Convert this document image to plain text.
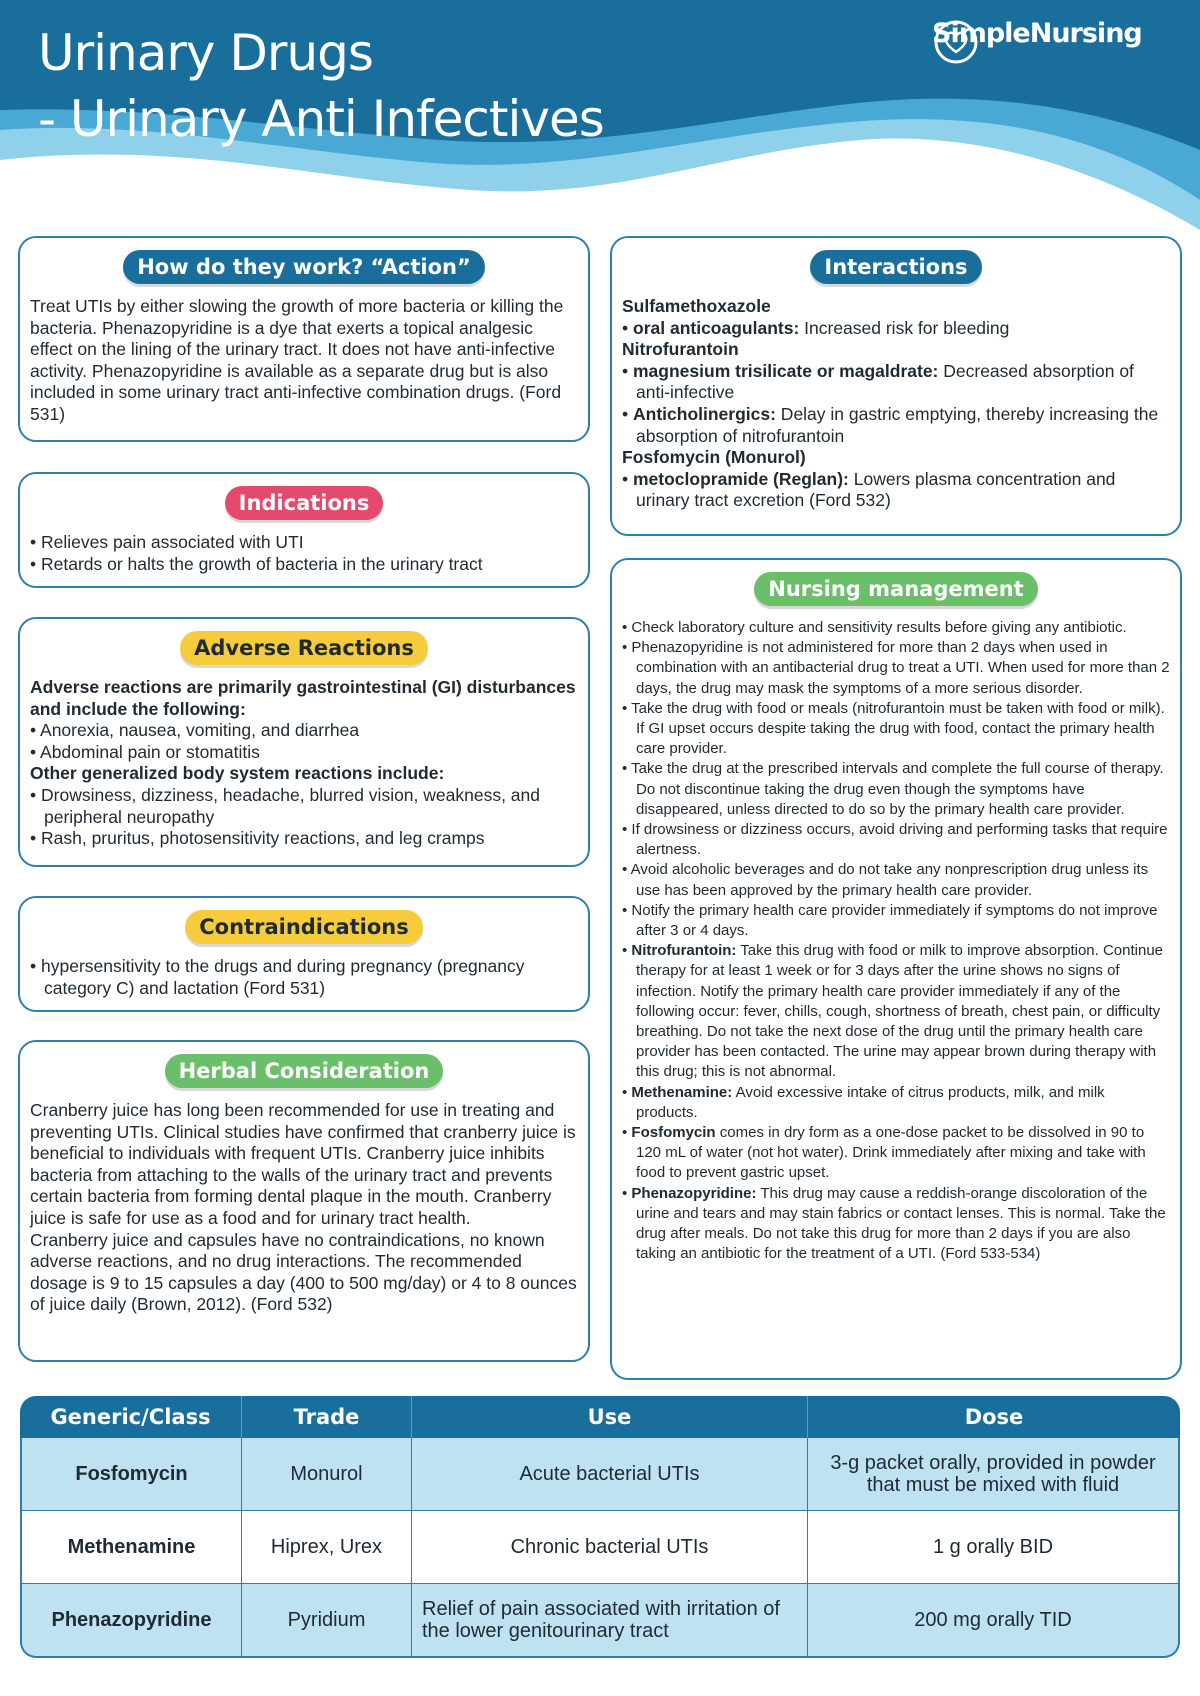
Urinary Drugs
- Urinary Anti Infectives
SimpleNursing
How do they work? “Action”

Treat UTIs by either slowing the growth of more bacteria or killing the bacteria. Phenazopyridine is a dye that exerts a topical analgesic effect on the lining of the urinary tract. It does not have anti-infective activity. Phenazopyridine is available as a separate drug but is also included in some urinary tract anti-infective combination drugs. (Ford 531)

Indications

• Relieves pain associated with UTI

• Retards or halts the growth of bacteria in the urinary tract

Adverse Reactions

Adverse reactions are primarily gastrointestinal (GI) disturbances and include the following:

• Anorexia, nausea, vomiting, and diarrhea

• Abdominal pain or stomatitis

Other generalized body system reactions include:

• Drowsiness, dizziness, headache, blurred vision, weakness, and peripheral neuropathy

• Rash, pruritus, photosensitivity reactions, and leg cramps

Contraindications

• hypersensitivity to the drugs and during pregnancy (pregnancy category C) and lactation (Ford 531)

Herbal Consideration

Cranberry juice has long been recommended for use in treating and preventing UTIs. Clinical studies have confirmed that cranberry juice is beneficial to individuals with frequent UTIs. Cranberry juice inhibits bacteria from attaching to the walls of the urinary tract and prevents certain bacteria from forming dental plaque in the mouth. Cranberry juice is safe for use as a food and for urinary tract health.

Cranberry juice and capsules have no contraindications, no known adverse reactions, and no drug interactions. The recommended dosage is 9 to 15 capsules a day (400 to 500 mg/day) or 4 to 8 ounces of juice daily (Brown, 2012). (Ford 532)

Interactions

Sulfamethoxazole

• oral anticoagulants: Increased risk for bleeding

Nitrofurantoin

• magnesium trisilicate or magaldrate: Decreased absorption of anti-infective

• Anticholinergics: Delay in gastric emptying, thereby increasing the absorption of nitrofurantoin

Fosfomycin (Monurol)

• metoclopramide (Reglan): Lowers plasma concentration and urinary tract excretion (Ford 532)

Nursing management

• Check laboratory culture and sensitivity results before giving any antibiotic.

• Phenazopyridine is not administered for more than 2 days when used in combination with an antibacterial drug to treat a UTI. When used for more than 2 days, the drug may mask the symptoms of a more serious disorder.

• Take the drug with food or meals (nitrofurantoin must be taken with food or milk). If GI upset occurs despite taking the drug with food, contact the primary health care provider.

• Take the drug at the prescribed intervals and complete the full course of therapy. Do not discontinue taking the drug even though the symptoms have disappeared, unless directed to do so by the primary health care provider.

• If drowsiness or dizziness occurs, avoid driving and performing tasks that require alertness.

• Avoid alcoholic beverages and do not take any nonprescription drug unless its use has been approved by the primary health care provider.

• Notify the primary health care provider immediately if symptoms do not improve after 3 or 4 days.

• Nitrofurantoin: Take this drug with food or milk to improve absorption. Continue therapy for at least 1 week or for 3 days after the urine shows no signs of infection. Notify the primary health care provider immediately if any of the following occur: fever, chills, cough, shortness of breath, chest pain, or difficulty breathing. Do not take the next dose of the drug until the primary health care provider has been contacted. The urine may appear brown during therapy with this drug; this is not abnormal.

• Methenamine: Avoid excessive intake of citrus products, milk, and milk products.

• Fosfomycin comes in dry form as a one-dose packet to be dissolved in 90 to 120 mL of water (not hot water). Drink immediately after mixing and take with food to prevent gastric upset.

• Phenazopyridine: This drug may cause a reddish-orange discoloration of the urine and tears and may stain fabrics or contact lenses. This is normal. Take the drug after meals. Do not take this drug for more than 2 days if you are also taking an antibiotic for the treatment of a UTI. (Ford 533-534)

Generic/Class	Trade	Use	Dose
Fosfomycin	Monurol	Acute bacterial UTIs	3-g packet orally, provided in powder that must be mixed with fluid
Methenamine	Hiprex, Urex	Chronic bacterial UTIs	1 g orally BID
Phenazopyridine	Pyridium	Relief of pain associated with irritation of the lower genitourinary tract	200 mg orally TID
